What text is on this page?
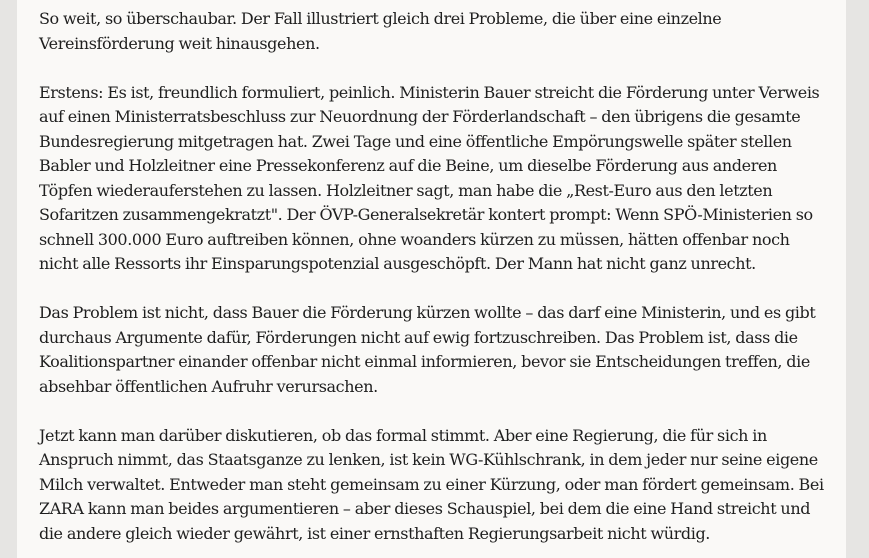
So weit, so überschaubar. Der Fall illustriert gleich drei Probleme, die über eine einzelne
Vereinsförderung weit hinausgehen.

Erstens: Es ist, freundlich formuliert, peinlich. Ministerin Bauer streicht die Förderung unter Verweis
auf einen Ministerratsbeschluss zur Neuordnung der Förderlandschaft – den übrigens die gesamte
Bundesregierung mitgetragen hat. Zwei Tage und eine öffentliche Empörungswelle später stellen
Babler und Holzleitner eine Pressekonferenz auf die Beine, um dieselbe Förderung aus anderen
Töpfen wiederauferstehen zu lassen. Holzleitner sagt, man habe die „Rest-Euro aus den letzten
Sofaritzen zusammengekratzt". Der ÖVP-Generalsekretär kontert prompt: Wenn SPÖ-Ministerien so
schnell 300.000 Euro auftreiben können, ohne woanders kürzen zu müssen, hätten offenbar noch
nicht alle Ressorts ihr Einsparungspotenzial ausgeschöpft. Der Mann hat nicht ganz unrecht.

Das Problem ist nicht, dass Bauer die Förderung kürzen wollte – das darf eine Ministerin, und es gibt
durchaus Argumente dafür, Förderungen nicht auf ewig fortzuschreiben. Das Problem ist, dass die
Koalitionspartner einander offenbar nicht einmal informieren, bevor sie Entscheidungen treffen, die
absehbar öffentlichen Aufruhr verursachen.

Jetzt kann man darüber diskutieren, ob das formal stimmt. Aber eine Regierung, die für sich in
Anspruch nimmt, das Staatsganze zu lenken, ist kein WG-Kühlschrank, in dem jeder nur seine eigene
Milch verwaltet. Entweder man steht gemeinsam zu einer Kürzung, oder man fördert gemeinsam. Bei
ZARA kann man beides argumentieren – aber dieses Schauspiel, bei dem die eine Hand streicht und
die andere gleich wieder gewährt, ist einer ernsthaften Regierungsarbeit nicht würdig.
